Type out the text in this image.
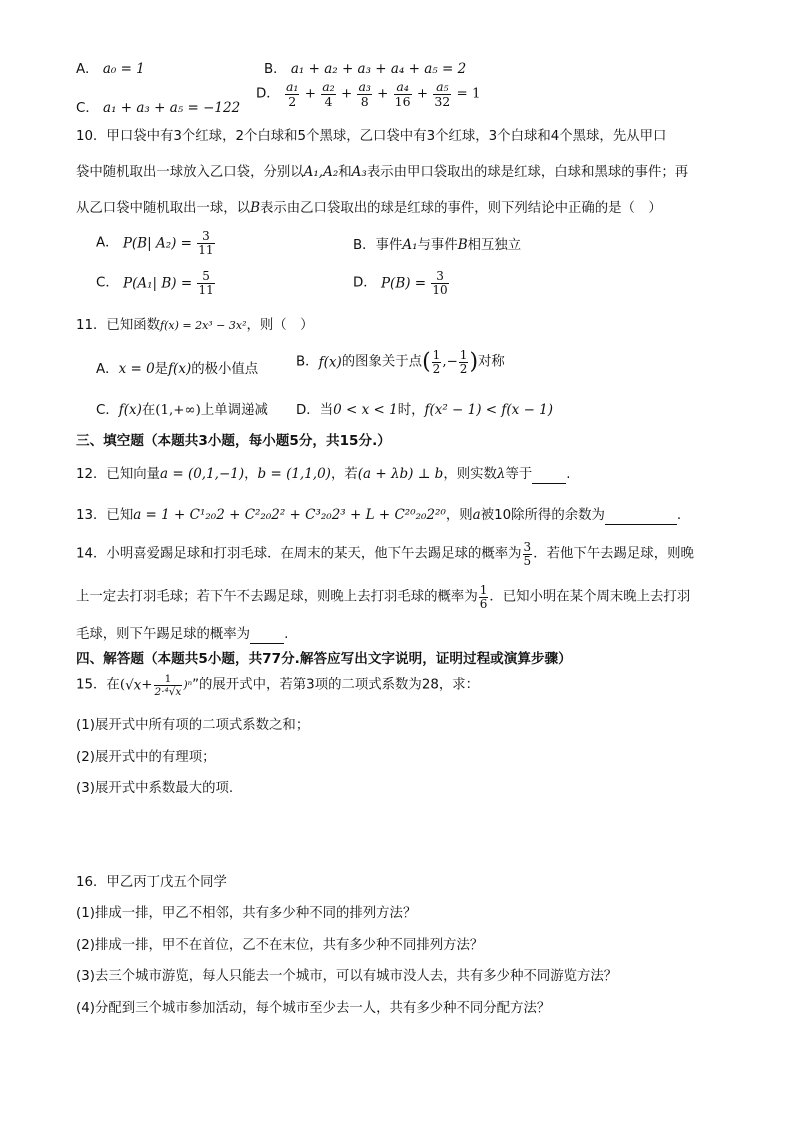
A． a₀ = 1	B． a₁ + a₂ + a₃ + a₄ + a₅ = 2
C． a₁ + a₃ + a₅ = −122
D． $\frac{\text{a₁}}{2} + \frac{\text{a₂}}{4} + \frac{\text{a₃}}{8} + \frac{\text{a₄}}{16} + \frac{\text{a₅}}{32} = 1$
10．甲口袋中有3个红球，2个白球和5个黑球，乙口袋中有3个红球，3个白球和4个黑球，先从甲口
袋中随机取出一球放入乙口袋，分别以A₁,A₂和A₃表示由甲口袋取出的球是红球，白球和黑球的事件；再
从乙口袋中随机取出一球，以B表示由乙口袋取出的球是红球的事件，则下列结论中正确的是（　）
A． P(B| $A_2) = \frac{3}{11}$	B．事件A₁与事件B相互独立
C． P(A₁| $B) = \frac{5}{11}$	D． $P(B) = \frac{3}{10}$
11．已知函数f(x) = 2x³ − 3x²，则（　）
A．x = 0是f(x)的极小值点	B．f(x)的图象关于点( $\frac{1}{2}$ ,− $\frac{1}{2}$ )对称
C．f(x)在(1,+∞)上单调递减 D．当0 < x < 1时，f(x² − 1) < f(x − 1)
三、填空题（本题共3小题，每小题5分，共15分.）
12．已知向量a = (0,1,−1)，b = (1,1,0)，若(a + λb) ⊥ b，则实数λ等于	.
13．已知a = 1 + C¹₂₀2 + C²₂₀2² + C³₂₀2³ + L + C²⁰₂₀2²⁰，则a被10除所得的余数为	.
14．小明喜爱踢足球和打羽毛球．在周末的某天，他下午去踢足球的概率为 $\frac{3}{5}$ ．若他下午去踢足球，则晚
上一定去打羽毛球；若下午不去踢足球，则晚上去打羽毛球的概率为 $\frac{1}{6}$ ．已知小明在某个周末晚上去打羽
毛球，则下午踢足球的概率为	.
四、解答题（本题共5小题，共77分.解答应写出文字说明，证明过程或演算步骤）
15．在$(√x+ \frac{1}{\text{2·⁴√x}} )^n$”的展开式中，若第3项的二项式系数为28，求：
(1)展开式中所有项的二项式系数之和；
(2)展开式中的有理项；
(3)展开式中系数最大的项.
16．甲乙丙丁戊五个同学
(1)排成一排，甲乙不相邻，共有多少种不同的排列方法？
(2)排成一排，甲不在首位，乙不在末位，共有多少种不同排列方法？
(3)去三个城市游览，每人只能去一个城市，可以有城市没人去，共有多少种不同游览方法？
(4)分配到三个城市参加活动，每个城市至少去一人，共有多少种不同分配方法？
